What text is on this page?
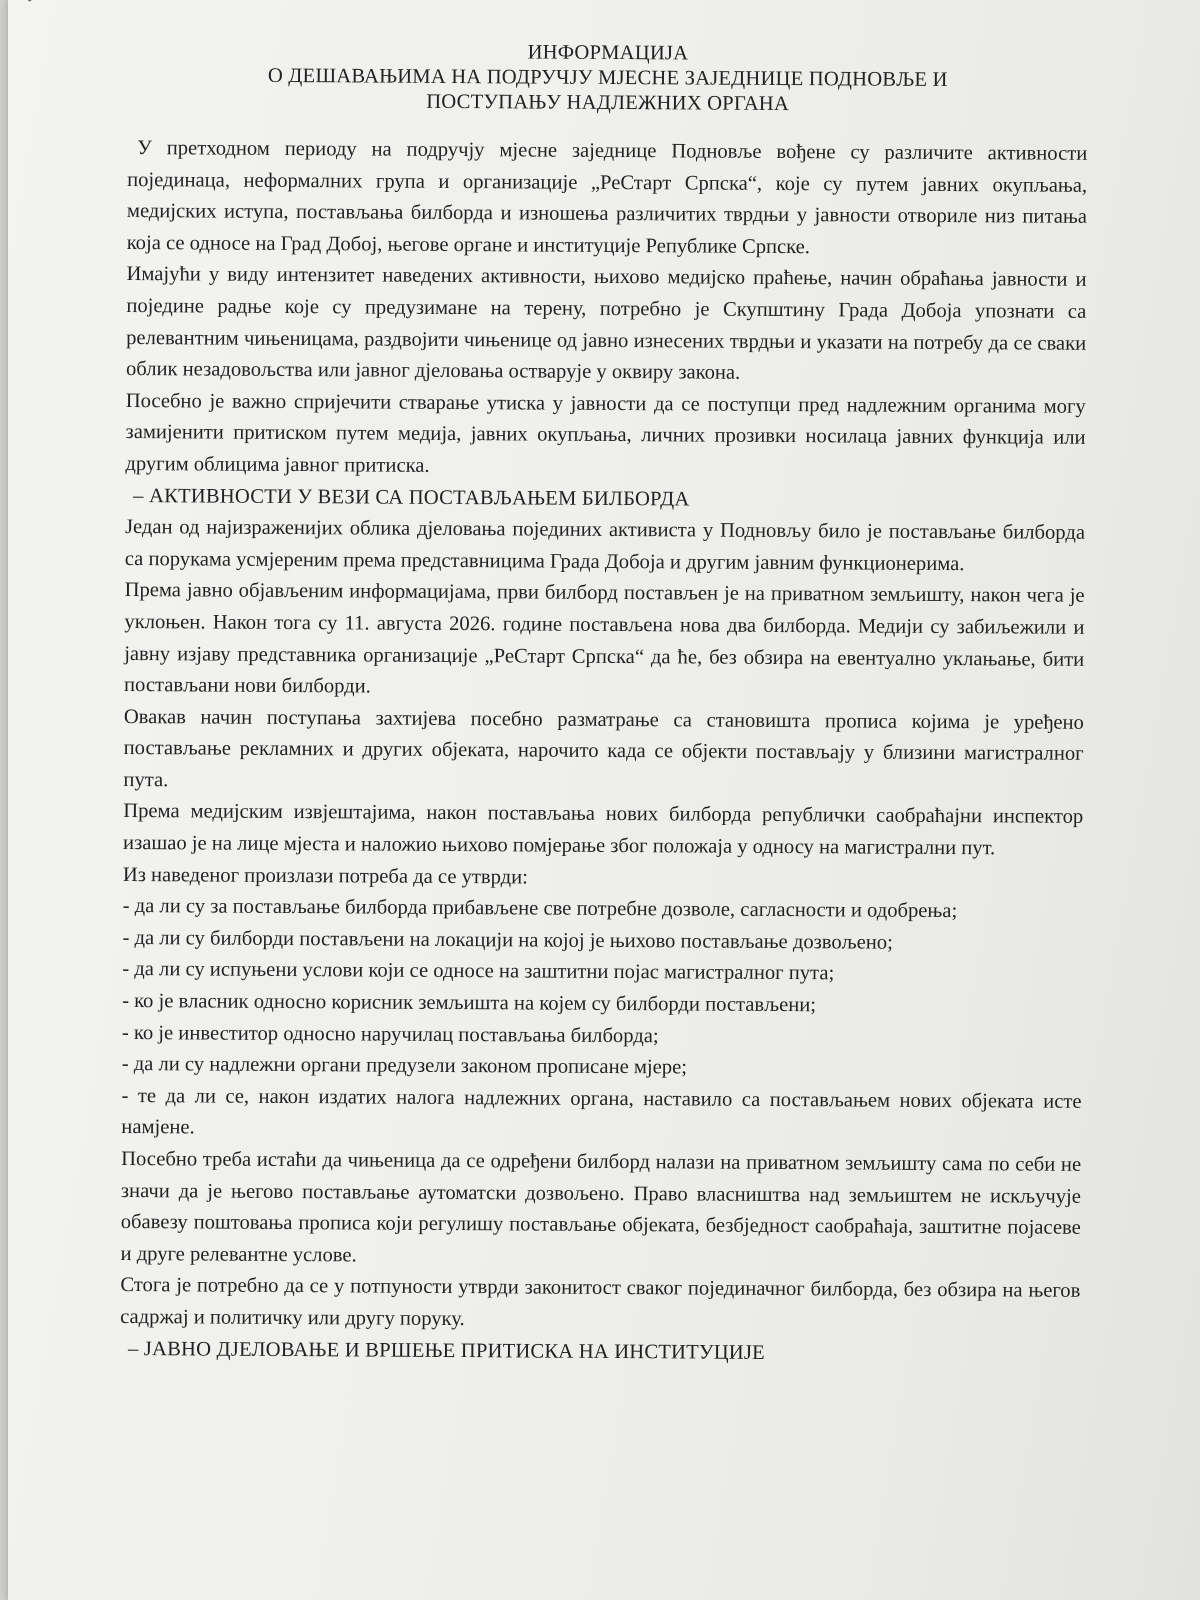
ИНФОРМАЦИЈА
О ДЕШАВАЊИМА НА ПОДРУЧЈУ МЈЕСНЕ ЗАЈЕДНИЦЕ ПОДНОВЉЕ И
ПОСТУПАЊУ НАДЛЕЖНИХ ОРГАНА

У претходном периоду на подручју мјесне заједнице Подновље вођене су различите активности појединаца, неформалних група и организације „РеСтарт Српска“, које су путем јавних окупљања, медијских иступа, постављања билборда и изношења различитих тврдњи у јавности отвориле низ питања која се односе на Град Добој, његове органе и институције Републике Српске.

Имајући у виду интензитет наведених активности, њихово медијско праћење, начин обраћања јавности и поједине радње које су предузимане на терену, потребно је Скупштину Града Добоја упознати са релевантним чињеницама, раздвојити чињенице од јавно изнесених тврдњи и указати на потребу да се сваки облик незадовољства или јавног дјеловања остварује у оквиру закона.

Посебно је важно спријечити стварање утиска у јавности да се поступци пред надлежним органима могу замијенити притиском путем медија, јавних окупљања, личних прозивки носилаца јавних функција или другим облицима јавног притиска.

– АКТИВНОСТИ У ВЕЗИ СА ПОСТАВЉАЊЕМ БИЛБОРДА

Један од најизраженијих облика дјеловања појединих активиста у Подновљу било је постављање билборда са порукама усмјереним према представницима Града Добоја и другим јавним функционерима.

Према јавно објављеним информацијама, први билборд постављен је на приватном земљишту, након чега је уклоњен. Након тога су 11. августа 2026. године постављена нова два билборда. Медији су забиљежили и јавну изјаву представника организације „РеСтарт Српска“ да ће, без обзира на евентуално уклањање, бити постављани нови билборди.

Овакав начин поступања захтијева посебно разматрање са становишта прописа којима је уређено постављање рекламних и других објеката, нарочито када се објекти постављају у близини магистралног пута.

Према медијским извјештајима, након постављања нових билборда републички саобраћајни инспектор изашао је на лице мјеста и наложио њихово помјерање због положаја у односу на магистрални пут.

Из наведеног произлази потреба да се утврди:

- да ли су за постављање билборда прибављене све потребне дозволе, сагласности и одобрења;

- да ли су билборди постављени на локацији на којој је њихово постављање дозвољено;

- да ли су испуњени услови који се односе на заштитни појас магистралног пута;

- ко је власник односно корисник земљишта на којем су билборди постављени;

- ко је инвеститор односно наручилац постављања билборда;

- да ли су надлежни органи предузели законом прописане мјере;

- те да ли се, након издатих налога надлежних органа, наставило са постављањем нових објеката исте намјене.

Посебно треба истаћи да чињеница да се одређени билборд налази на приватном земљишту сама по себи не значи да је његово постављање аутоматски дозвољено. Право власништва над земљиштем не искључује обавезу поштовања прописа који регулишу постављање објеката, безбједност саобраћаја, заштитне појасеве и друге релевантне услове.

Стога је потребно да се у потпуности утврди законитост сваког појединачног билборда, без обзира на његов садржај и политичку или другу поруку.

– ЈАВНО ДЈЕЛОВАЊЕ И ВРШЕЊЕ ПРИТИСКА НА ИНСТИТУЦИЈЕ
